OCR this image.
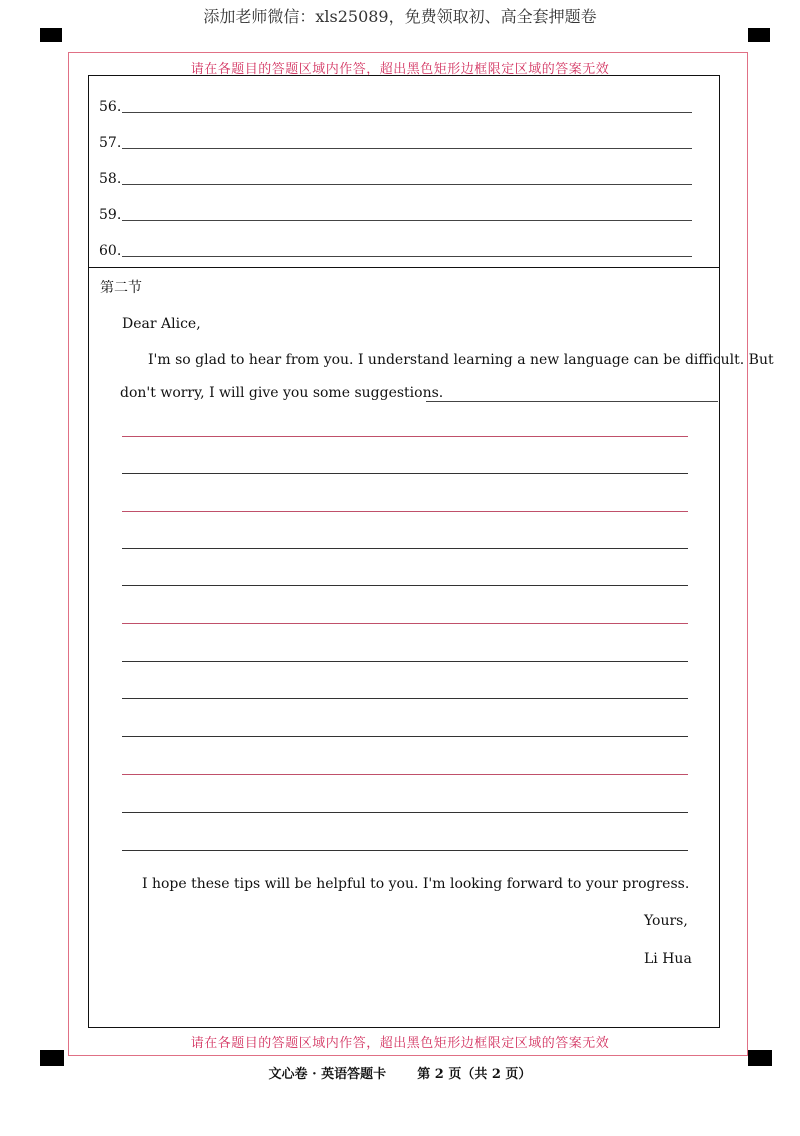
添加老师微信：xls25089，免费领取初、高全套押题卷
请在各题目的答题区域内作答，超出黑色矩形边框限定区域的答案无效
请在各题目的答题区域内作答，超出黑色矩形边框限定区域的答案无效
56.
57.
58.
59.
60.
第二节
Dear Alice,
I'm so glad to hear from you. I understand learning a new language can be difficult. But
don't worry, I will give you some suggestions.
I hope these tips will be helpful to you. I'm looking forward to your progress.
Yours,
Li Hua
文心卷 · 英语答题卡 第 2 页（共 2 页）
